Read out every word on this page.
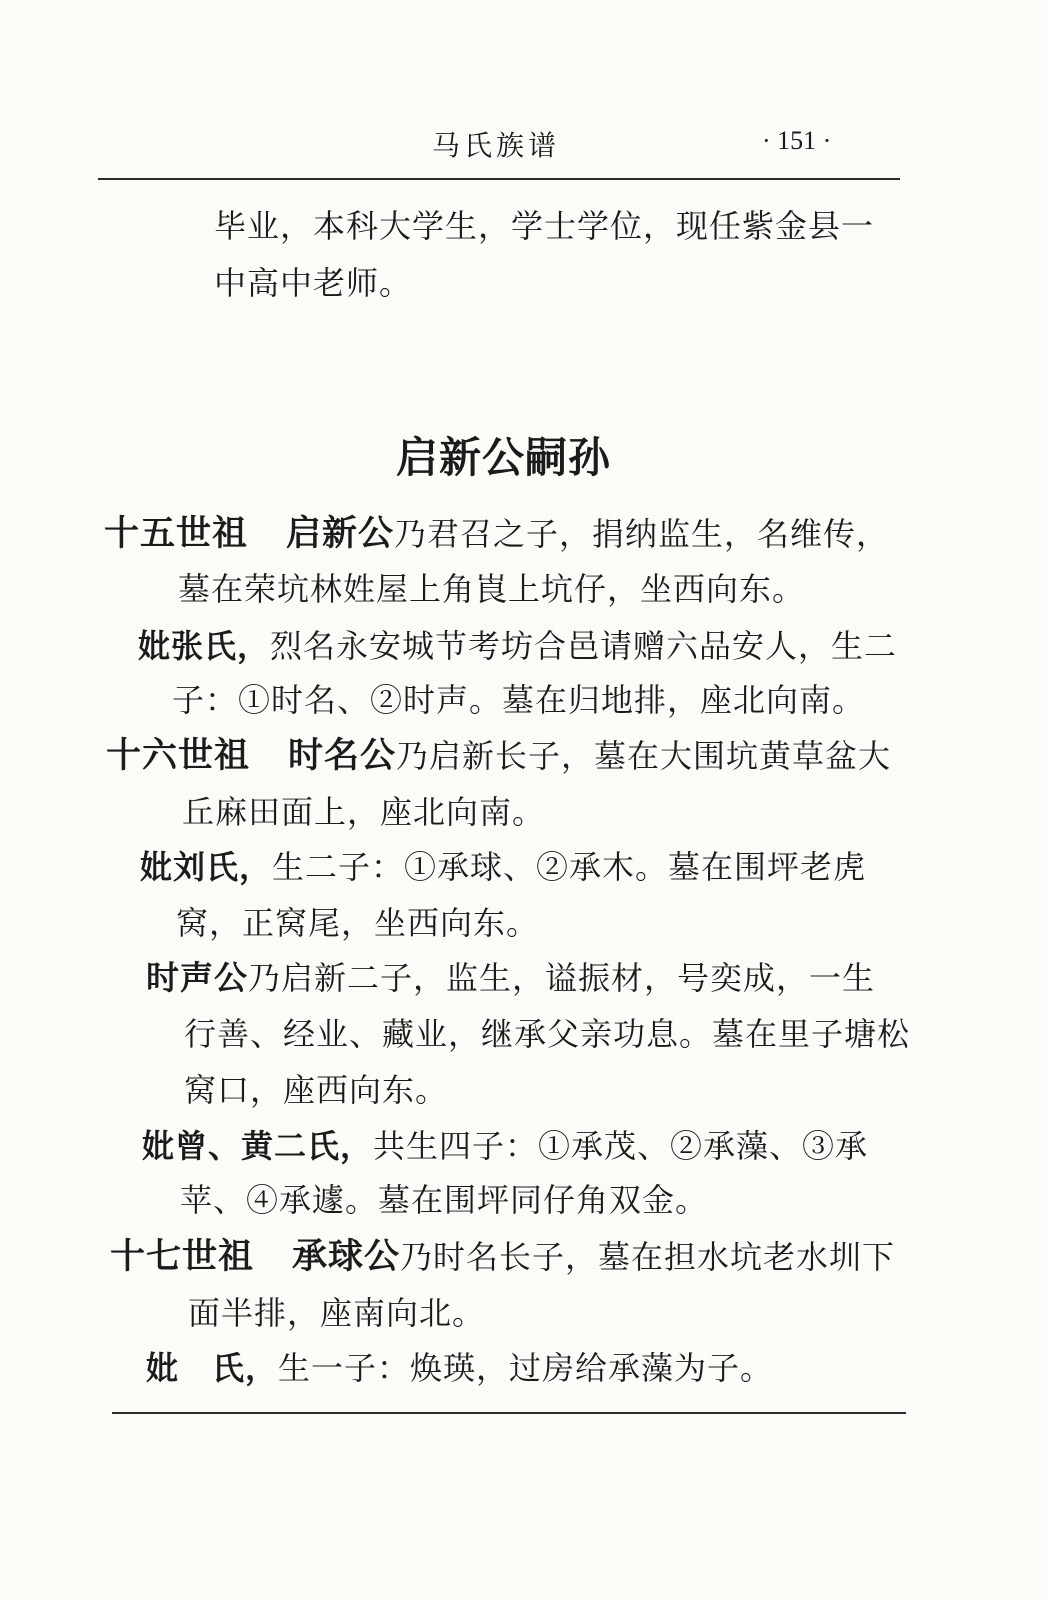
马氏族谱	· 151 ·
毕业，本科大学生，学士学位，现任紫金县一
中高中老师。
启新公嗣孙
十五世祖 启新公乃君召之子，捐纳监生，名维传，
墓在荣坑林姓屋上角崀上坑仔，坐西向东。
妣张氏，烈名永安城节考坊合邑请赠六品安人，生二
子：①时名、②时声。墓在归地排，座北向南。
十六世祖 时名公乃启新长子，墓在大围坑黄草盆大
丘麻田面上，座北向南。
妣刘氏，生二子：①承球、②承木。墓在围坪老虎
窝，正窝尾，坐西向东。
时声公乃启新二子，监生，谥振材，号奕成，一生
行善、经业、藏业，继承父亲功息。墓在里子塘松
窝口，座西向东。
妣曾、黄二氏，共生四子：①承茂、②承藻、③承
苹、④承遽。墓在围坪同仔角双金。
十七世祖 承球公乃时名长子，墓在担水坑老水圳下
面半排，座南向北。
妣　氏，生一子：焕瑛，过房给承藻为子。
